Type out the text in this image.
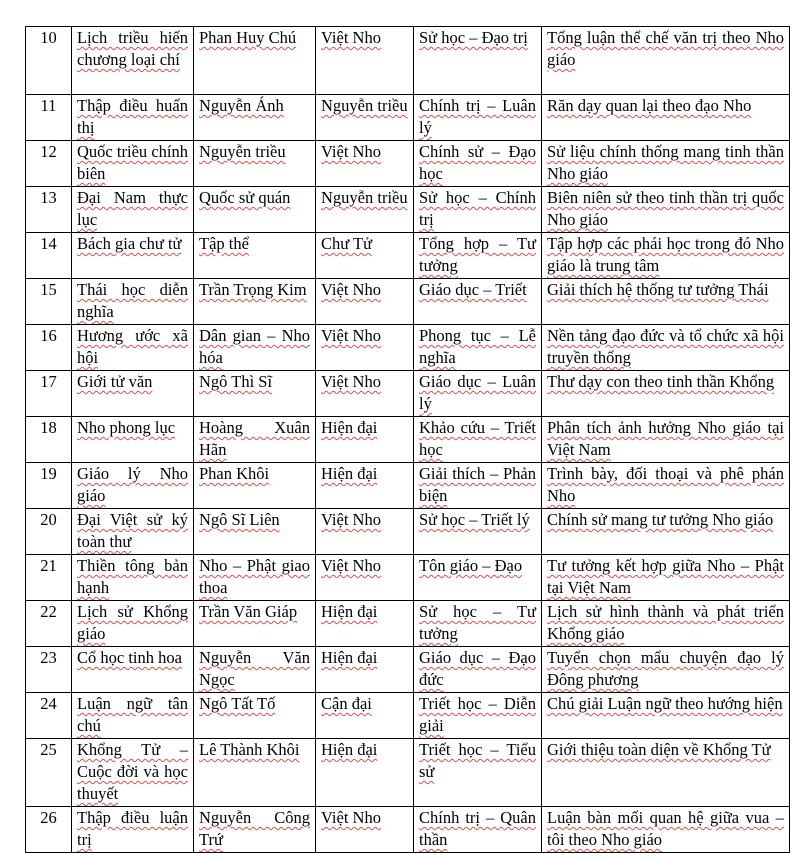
10	Lịch triều hiến chương loại chí	Phan Huy Chú	Việt Nho	Sử học – Đạo trị	Tổng luận thể chế văn trị theo Nho giáo
11	Thập điều huấn thị	Nguyễn Ánh	Nguyễn triều	Chính trị – Luân lý	Răn dạy quan lại theo đạo Nho
12	Quốc triều chính biên	Nguyễn triều	Việt Nho	Chính sử – Đạo học	Sử liệu chính thống mang tinh thần Nho giáo
13	Đại Nam thực lục	Quốc sử quán	Nguyễn triều	Sử học – Chính trị	Biên niên sử theo tinh thần trị quốc Nho giáo
14	Bách gia chư tử	Tập thể	Chư Tử	Tổng hợp – Tư tưởng	Tập hợp các phái học trong đó Nho giáo là trung tâm
15	Thái học diễn nghĩa	Trần Trọng Kim	Việt Nho	Giáo dục – Triết	Giải thích hệ thống tư tưởng Thái
16	Hương ước xã hội	Dân gian – Nho hóa	Việt Nho	Phong tục – Lễ nghĩa	Nền tảng đạo đức và tổ chức xã hội truyền thống
17	Giới tử văn	Ngô Thì Sĩ	Việt Nho	Giáo dục – Luân lý	Thư dạy con theo tinh thần Khổng
18	Nho phong lục	Hoàng Xuân Hãn	Hiện đại	Khảo cứu – Triết học	Phân tích ảnh hưởng Nho giáo tại Việt Nam
19	Giáo lý Nho giáo	Phan Khôi	Hiện đại	Giải thích – Phản biện	Trình bày, đối thoại và phê phán Nho
20	Đại Việt sử ký toàn thư	Ngô Sĩ Liên	Việt Nho	Sử học – Triết lý	Chính sử mang tư tưởng Nho giáo
21	Thiền tông bản hạnh	Nho – Phật giao thoa	Việt Nho	Tôn giáo – Đạo	Tư tưởng kết hợp giữa Nho – Phật tại Việt Nam
22	Lịch sử Khổng giáo	Trần Văn Giáp	Hiện đại	Sử học – Tư tưởng	Lịch sử hình thành và phát triển Khổng giáo
23	Cổ học tinh hoa	Nguyễn Văn Ngọc	Hiện đại	Giáo dục – Đạo đức	Tuyển chọn mẩu chuyện đạo lý Đông phương
24	Luận ngữ tân chú	Ngô Tất Tố	Cận đại	Triết học – Diễn giải	Chú giải Luận ngữ theo hướng hiện
25	Khổng Tử – Cuộc đời và học thuyết	Lê Thành Khôi	Hiện đại	Triết học – Tiểu sử	Giới thiệu toàn diện về Khổng Tử
26	Thập điều luận trị	Nguyễn Công Trứ	Việt Nho	Chính trị – Quân thần	Luận bàn mối quan hệ giữa vua – tôi theo Nho giáo
